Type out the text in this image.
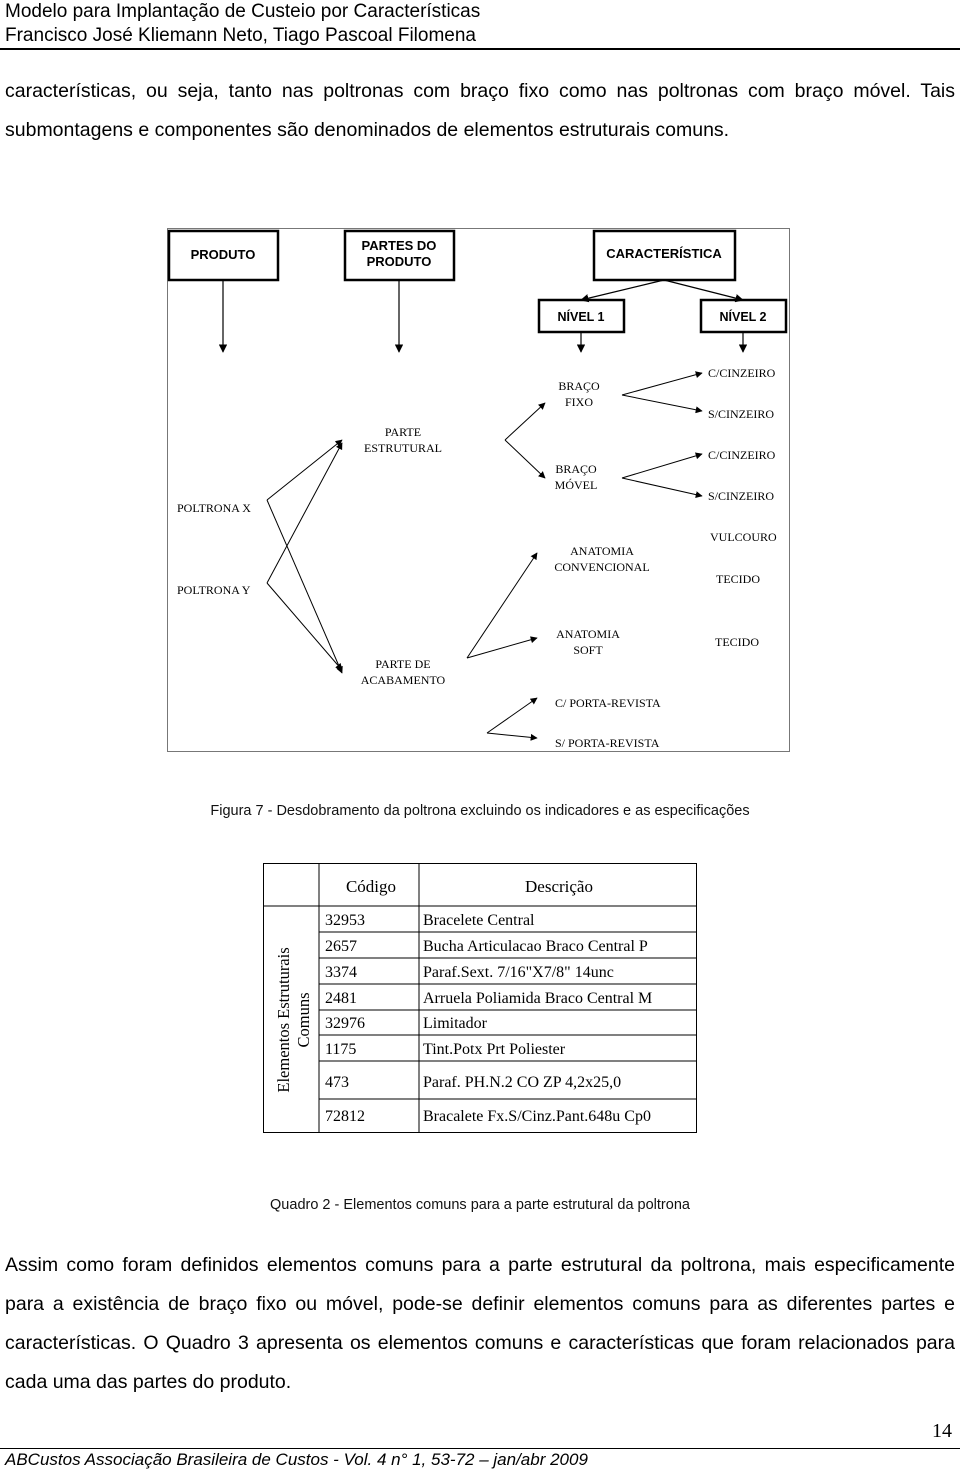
Modelo para Implantação de Custeio por Características
Francisco José Kliemann Neto, Tiago Pascoal Filomena
características, ou seja, tanto nas poltronas com braço fixo como nas poltronas com braço móvel. Tais submontagens e componentes são denominados de elementos estruturais comuns.
PRODUTO
PARTES DO
PRODUTO
CARACTERÍSTICA
NÍVEL 1	NÍVEL 2
POLTRONA X
POLTRONA Y
PARTE
ESTRUTURAL
PARTE DE
ACABAMENTO
BRAÇO
FIXO
BRAÇO
MÓVEL
ANATOMIA
CONVENCIONAL
ANATOMIA
SOFT
C/ PORTA-REVISTA
S/ PORTA-REVISTA
C/CINZEIRO
S/CINZEIRO
C/CINZEIRO
S/CINZEIRO
VULCOURO
TECIDO
TECIDO
Figura 7 - Desdobramento da poltrona excluindo os indicadores e as especificações
Código	Descrição
Elementos Estruturais Comuns
32953	Bracelete Central
2657	Bucha Articulacao Braco Central P
3374	Paraf.Sext. 7/16"X7/8" 14unc
2481	Arruela Poliamida Braco Central M
32976	Limitador
1175	Tint.Potx Prt Poliester
473	Paraf. PH.N.2 CO ZP 4,2x25,0
72812	Bracalete Fx.S/Cinz.Pant.648u Cp0
Quadro 2 - Elementos comuns para a parte estrutural da poltrona
Assim como foram definidos elementos comuns para a parte estrutural da poltrona, mais especificamente para a existência de braço fixo ou móvel, pode-se definir elementos comuns para as diferentes partes e características. O Quadro 3 apresenta os elementos comuns e características que foram relacionados para cada uma das partes do produto.
14
ABCustos Associação Brasileira de Custos - Vol. 4 n° 1, 53-72 – jan/abr 2009
